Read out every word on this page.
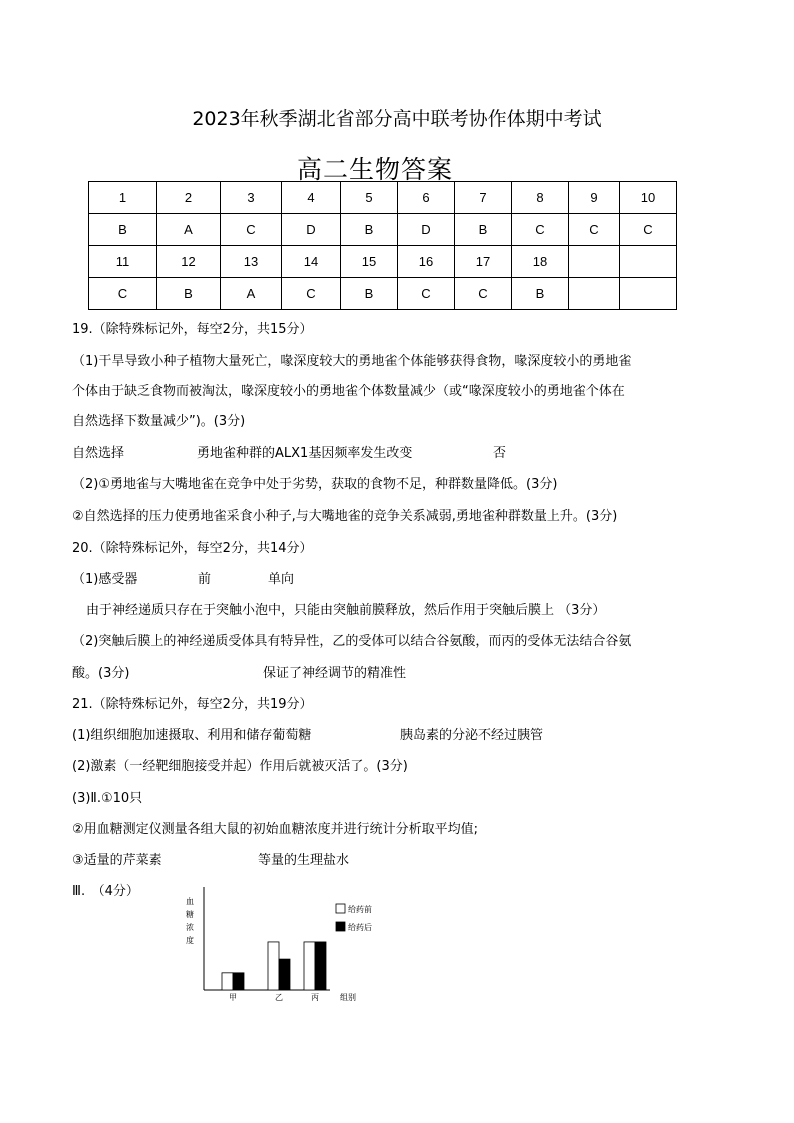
2023年秋季湖北省部分高中联考协作体期中考试
高二生物答案
1	2	3	4	5	6	7	8	9	10
B	A	C	D	B	D	B	C	C	C
11	12	13	14	15	16	17	18		
C	B	A	C	B	C	C	B		
19.（除特殊标记外，每空2分，共15分）
（1)干旱导致小种子植物大量死亡，喙深度较大的勇地雀个体能够获得食物，喙深度较小的勇地雀
个体由于缺乏食物而被淘汰，喙深度较小的勇地雀个体数量减少（或“喙深度较小的勇地雀个体在
自然选择下数量减少”)。(3分)
自然选择	勇地雀种群的ALX1基因频率发生改变	否
（2)①勇地雀与大嘴地雀在竞争中处于劣势，获取的食物不足，种群数量降低。(3分)
②自然选择的压力使勇地雀采食小种子,与大嘴地雀的竞争关系减弱,勇地雀种群数量上升。(3分)
20.（除特殊标记外，每空2分，共14分）
（1)感受器	前	单向
由于神经递质只存在于突触小泡中，只能由突触前膜释放，然后作用于突触后膜上 （3分）
（2)突触后膜上的神经递质受体具有特异性，乙的受体可以结合谷氨酸，而丙的受体无法结合谷氨
酸。(3分)	保证了神经调节的精准性
21.（除特殊标记外，每空2分，共19分）
(1)组织细胞加速摄取、利用和储存葡萄糖	胰岛素的分泌不经过胰管
(2)激素（一经靶细胞接受并起）作用后就被灭活了。(3分)
(3)Ⅱ.①10只
②用血糖测定仪测量各组大鼠的初始血糖浓度并进行统计分析取平均值;
③适量的芹菜素	等量的生理盐水
Ⅲ.　（4分）
血
糖
浓
度
给药前
给药后
甲	乙	丙	组别
